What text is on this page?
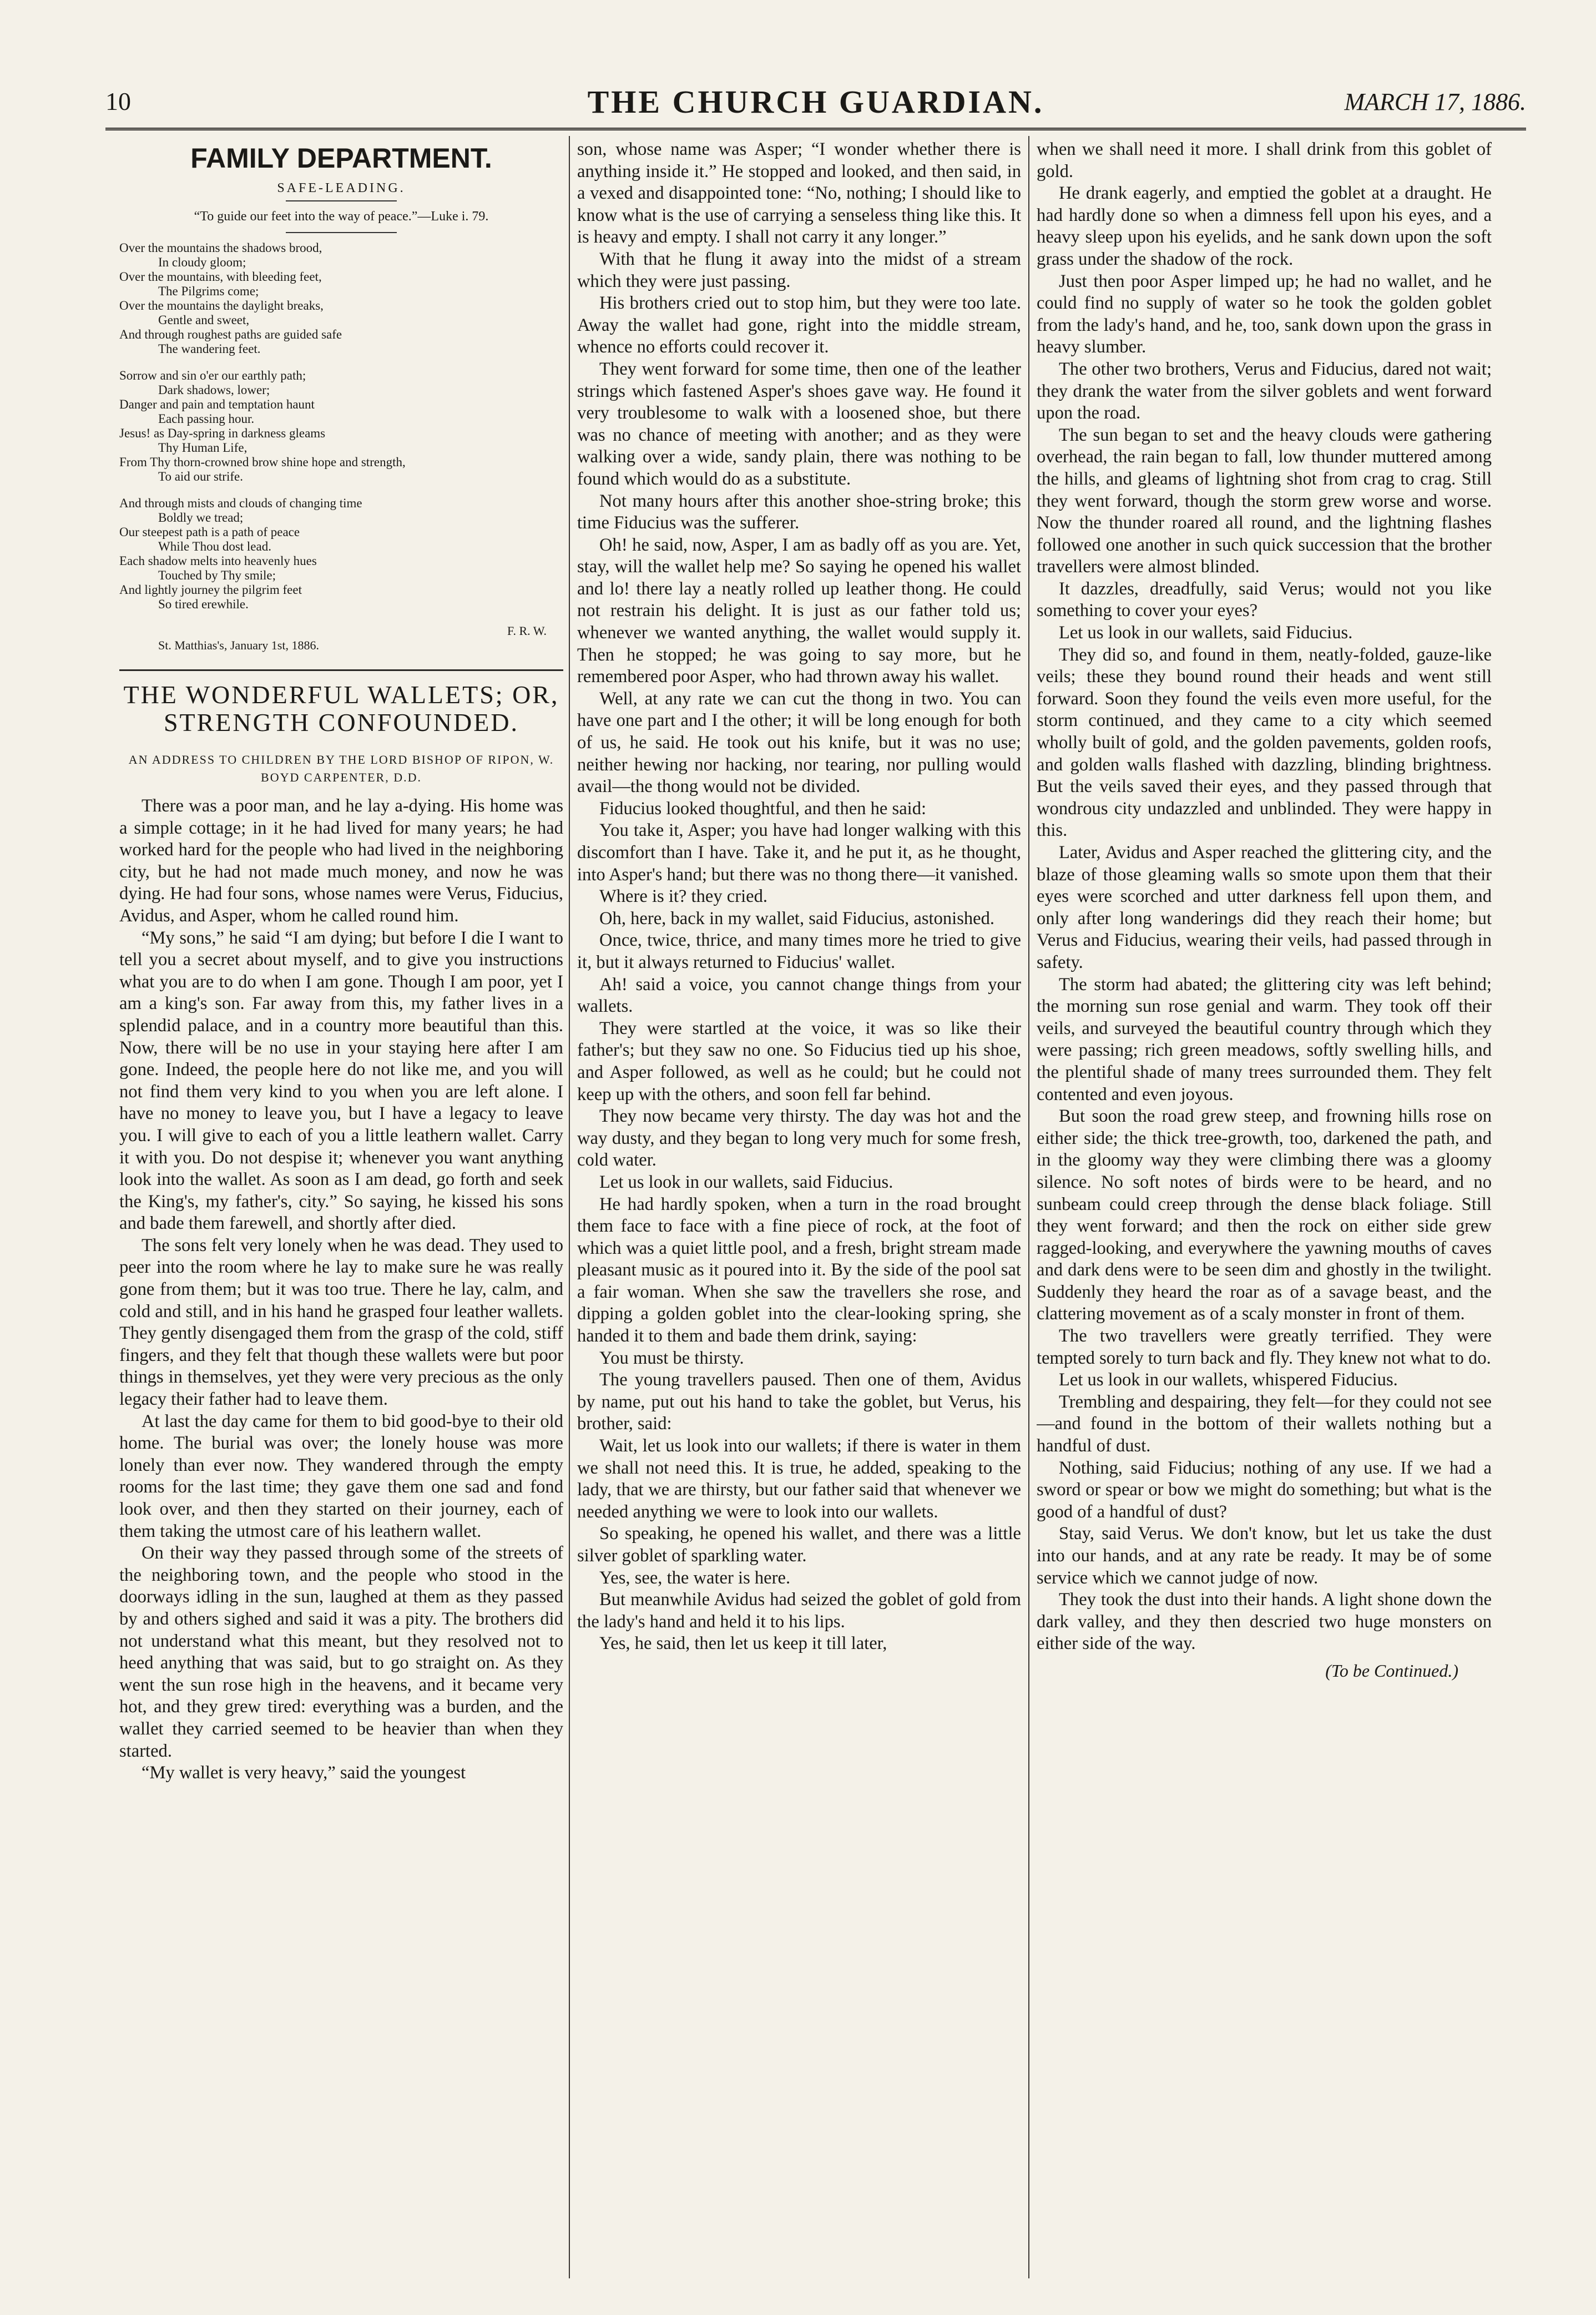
10	THE CHURCH GUARDIAN.	MARCH 17, 1886.
FAMILY DEPARTMENT.
SAFE-LEADING.
“To guide our feet into the way of peace.”—Luke i. 79.
Over the mountains the shadows brood,
In cloudy gloom;
Over the mountains, with bleeding feet,
The Pilgrims come;
Over the mountains the daylight breaks,
Gentle and sweet,
And through roughest paths are guided safe
The wandering feet.
Sorrow and sin o'er our earthly path;
Dark shadows, lower;
Danger and pain and temptation haunt
Each passing hour.
Jesus! as Day-spring in darkness gleams
Thy Human Life,
From Thy thorn-crowned brow shine hope and strength,
To aid our strife.
And through mists and clouds of changing time
Boldly we tread;
Our steepest path is a path of peace
While Thou dost lead.
Each shadow melts into heavenly hues
Touched by Thy smile;
And lightly journey the pilgrim feet
So tired erewhile.
F. R. W.
St. Matthias's, January 1st, 1886.
THE WONDERFUL WALLETS; OR, STRENGTH CONFOUNDED.
AN ADDRESS TO CHILDREN BY THE LORD BISHOP OF RIPON, W. BOYD CARPENTER, D.D.

There was a poor man, and he lay a-dying. His home was a simple cottage; in it he had lived for many years; he had worked hard for the people who had lived in the neighboring city, but he had not made much money, and now he was dying. He had four sons, whose names were Verus, Fiducius, Avidus, and Asper, whom he called round him.

“My sons,” he said “I am dying; but before I die I want to tell you a secret about myself, and to give you instructions what you are to do when I am gone. Though I am poor, yet I am a king's son. Far away from this, my father lives in a splendid palace, and in a country more beautiful than this. Now, there will be no use in your staying here after I am gone. Indeed, the people here do not like me, and you will not find them very kind to you when you are left alone. I have no money to leave you, but I have a legacy to leave you. I will give to each of you a little leathern wallet. Carry it with you. Do not despise it; whenever you want anything look into the wallet. As soon as I am dead, go forth and seek the King's, my father's, city.” So saying, he kissed his sons and bade them farewell, and shortly after died.

The sons felt very lonely when he was dead. They used to peer into the room where he lay to make sure he was really gone from them; but it was too true. There he lay, calm, and cold and still, and in his hand he grasped four leather wallets. They gently disengaged them from the grasp of the cold, stiff fingers, and they felt that though these wallets were but poor things in themselves, yet they were very precious as the only legacy their father had to leave them.

At last the day came for them to bid good-bye to their old home. The burial was over; the lonely house was more lonely than ever now. They wandered through the empty rooms for the last time; they gave them one sad and fond look over, and then they started on their journey, each of them taking the utmost care of his leathern wallet.

On their way they passed through some of the streets of the neighboring town, and the people who stood in the doorways idling in the sun, laughed at them as they passed by and others sighed and said it was a pity. The brothers did not understand what this meant, but they resolved not to heed anything that was said, but to go straight on. As they went the sun rose high in the heavens, and it became very hot, and they grew tired: everything was a burden, and the wallet they carried seemed to be heavier than when they started.

“My wallet is very heavy,” said the youngest

son, whose name was Asper; “I wonder whether there is anything inside it.” He stopped and looked, and then said, in a vexed and disappointed tone: “No, nothing; I should like to know what is the use of carrying a senseless thing like this. It is heavy and empty. I shall not carry it any longer.”

With that he flung it away into the midst of a stream which they were just passing.

His brothers cried out to stop him, but they were too late. Away the wallet had gone, right into the middle stream, whence no efforts could recover it.

They went forward for some time, then one of the leather strings which fastened Asper's shoes gave way. He found it very troublesome to walk with a loosened shoe, but there was no chance of meeting with another; and as they were walking over a wide, sandy plain, there was nothing to be found which would do as a substitute.

Not many hours after this another shoe-string broke; this time Fiducius was the sufferer.

Oh! he said, now, Asper, I am as badly off as you are. Yet, stay, will the wallet help me? So saying he opened his wallet and lo! there lay a neatly rolled up leather thong. He could not restrain his delight. It is just as our father told us; whenever we wanted anything, the wallet would supply it. Then he stopped; he was going to say more, but he remembered poor Asper, who had thrown away his wallet.

Well, at any rate we can cut the thong in two. You can have one part and I the other; it will be long enough for both of us, he said. He took out his knife, but it was no use; neither hewing nor hacking, nor tearing, nor pulling would avail—the thong would not be divided.

Fiducius looked thoughtful, and then he said:

You take it, Asper; you have had longer walking with this discomfort than I have. Take it, and he put it, as he thought, into Asper's hand; but there was no thong there—it vanished.

Where is it? they cried.

Oh, here, back in my wallet, said Fiducius, astonished.

Once, twice, thrice, and many times more he tried to give it, but it always returned to Fiducius' wallet.

Ah! said a voice, you cannot change things from your wallets.

They were startled at the voice, it was so like their father's; but they saw no one. So Fiducius tied up his shoe, and Asper followed, as well as he could; but he could not keep up with the others, and soon fell far behind.

They now became very thirsty. The day was hot and the way dusty, and they began to long very much for some fresh, cold water.

Let us look in our wallets, said Fiducius.

He had hardly spoken, when a turn in the road brought them face to face with a fine piece of rock, at the foot of which was a quiet little pool, and a fresh, bright stream made pleasant music as it poured into it. By the side of the pool sat a fair woman. When she saw the travellers she rose, and dipping a golden goblet into the clear-looking spring, she handed it to them and bade them drink, saying:

You must be thirsty.

The young travellers paused. Then one of them, Avidus by name, put out his hand to take the goblet, but Verus, his brother, said:

Wait, let us look into our wallets; if there is water in them we shall not need this. It is true, he added, speaking to the lady, that we are thirsty, but our father said that whenever we needed anything we were to look into our wallets.

So speaking, he opened his wallet, and there was a little silver goblet of sparkling water.

Yes, see, the water is here.

But meanwhile Avidus had seized the goblet of gold from the lady's hand and held it to his lips.

Yes, he said, then let us keep it till later,

when we shall need it more. I shall drink from this goblet of gold.

He drank eagerly, and emptied the goblet at a draught. He had hardly done so when a dimness fell upon his eyes, and a heavy sleep upon his eyelids, and he sank down upon the soft grass under the shadow of the rock.

Just then poor Asper limped up; he had no wallet, and he could find no supply of water so he took the golden goblet from the lady's hand, and he, too, sank down upon the grass in heavy slumber.

The other two brothers, Verus and Fiducius, dared not wait; they drank the water from the silver goblets and went forward upon the road.

The sun began to set and the heavy clouds were gathering overhead, the rain began to fall, low thunder muttered among the hills, and gleams of lightning shot from crag to crag. Still they went forward, though the storm grew worse and worse. Now the thunder roared all round, and the lightning flashes followed one another in such quick succession that the brother travellers were almost blinded.

It dazzles, dreadfully, said Verus; would not you like something to cover your eyes?

Let us look in our wallets, said Fiducius.

They did so, and found in them, neatly-folded, gauze-like veils; these they bound round their heads and went still forward. Soon they found the veils even more useful, for the storm continued, and they came to a city which seemed wholly built of gold, and the golden pavements, golden roofs, and golden walls flashed with dazzling, blinding brightness. But the veils saved their eyes, and they passed through that wondrous city undazzled and unblinded. They were happy in this.

Later, Avidus and Asper reached the glittering city, and the blaze of those gleaming walls so smote upon them that their eyes were scorched and utter darkness fell upon them, and only after long wanderings did they reach their home; but Verus and Fiducius, wearing their veils, had passed through in safety.

The storm had abated; the glittering city was left behind; the morning sun rose genial and warm. They took off their veils, and surveyed the beautiful country through which they were passing; rich green meadows, softly swelling hills, and the plentiful shade of many trees surrounded them. They felt contented and even joyous.

But soon the road grew steep, and frowning hills rose on either side; the thick tree-growth, too, darkened the path, and in the gloomy way they were climbing there was a gloomy silence. No soft notes of birds were to be heard, and no sunbeam could creep through the dense black foliage. Still they went forward; and then the rock on either side grew ragged-looking, and everywhere the yawning mouths of caves and dark dens were to be seen dim and ghostly in the twilight. Suddenly they heard the roar as of a savage beast, and the clattering movement as of a scaly monster in front of them.

The two travellers were greatly terrified. They were tempted sorely to turn back and fly. They knew not what to do.

Let us look in our wallets, whispered Fiducius.

Trembling and despairing, they felt—for they could not see—and found in the bottom of their wallets nothing but a handful of dust.

Nothing, said Fiducius; nothing of any use. If we had a sword or spear or bow we might do something; but what is the good of a handful of dust?

Stay, said Verus. We don't know, but let us take the dust into our hands, and at any rate be ready. It may be of some service which we cannot judge of now.

They took the dust into their hands. A light shone down the dark valley, and they then descried two huge monsters on either side of the way.

(To be Continued.)
